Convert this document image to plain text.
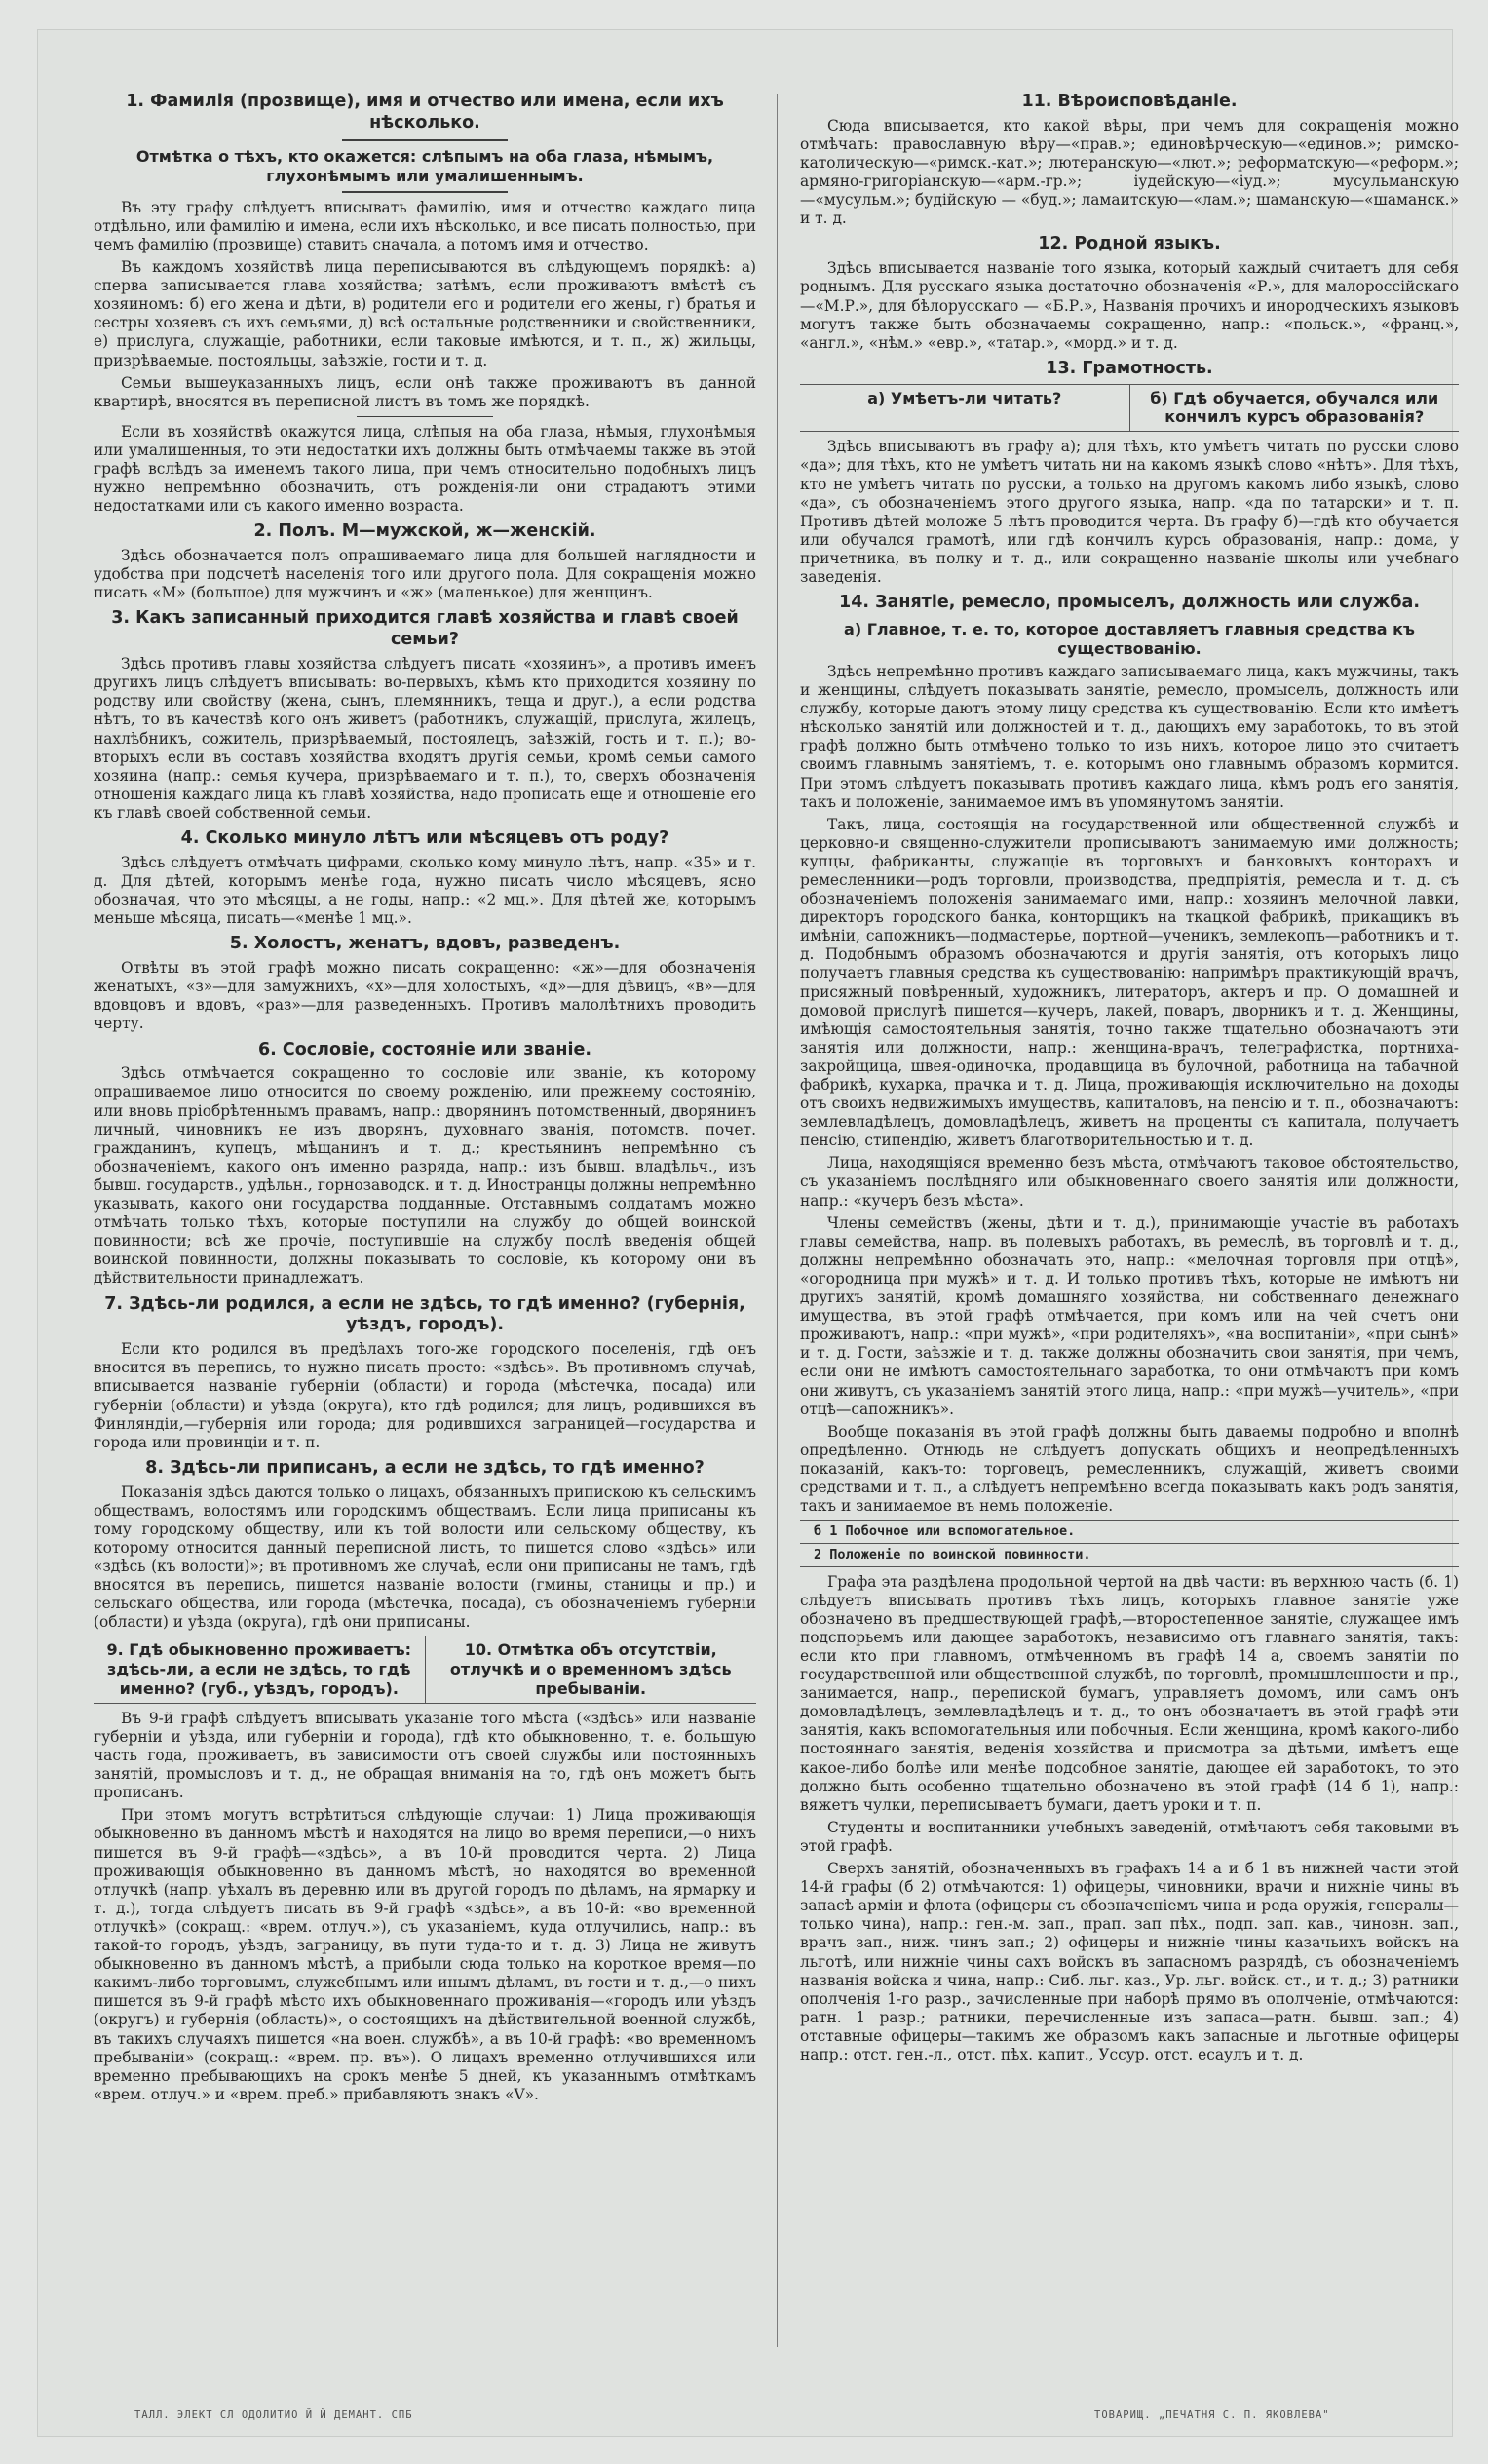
1. Фамилія (прозвище), имя и отчество или имена, если ихъ нѣсколько.
Отмѣтка о тѣхъ, кто окажется: слѣпымъ на оба глаза, нѣмымъ, глухонѣмымъ или умалишеннымъ.

Въ эту графу слѣдуетъ вписывать фамилію, имя и отчество каждаго лица отдѣльно, или фамилію и имена, если ихъ нѣсколько, и все писать полностью, при чемъ фамилію (прозвище) ставить сначала, а потомъ имя и отчество.

Въ каждомъ хозяйствѣ лица переписываются въ слѣдующемъ порядкѣ: а) сперва записывается глава хозяйства; затѣмъ, если проживаютъ вмѣстѣ съ хозяиномъ: б) его жена и дѣти, в) родители его и родители его жены, г) братья и сестры хозяевъ съ ихъ семьями, д) всѣ остальные родственники и свойственники, е) прислуга, служащіе, работники, если таковые имѣются, и т. п., ж) жильцы, призрѣваемые, постояльцы, заѣзжіе, гости и т. д.

Семьи вышеуказанныхъ лицъ, если онѣ также проживаютъ въ данной квартирѣ, вносятся въ переписной листъ въ томъ же порядкѣ.

Если въ хозяйствѣ окажутся лица, слѣпыя на оба глаза, нѣмыя, глухонѣмыя или умалишенныя, то эти недостатки ихъ должны быть отмѣчаемы также въ этой графѣ вслѣдъ за именемъ такого лица, при чемъ относительно подобныхъ лицъ нужно непремѣнно обозначить, отъ рожденія-ли они страдаютъ этими недостатками или съ какого именно возраста.

2. Полъ. М—мужской, ж—женскій.

Здѣсь обозначается полъ опрашиваемаго лица для большей наглядности и удобства при подсчетѣ населенія того или другого пола. Для сокращенія можно писать «М» (большое) для мужчинъ и «ж» (маленькое) для женщинъ.

3. Какъ записанный приходится главѣ хозяйства и главѣ своей семьи?

Здѣсь противъ главы хозяйства слѣдуетъ писать «хозяинъ», а противъ именъ другихъ лицъ слѣдуетъ вписывать: во-первыхъ, кѣмъ кто приходится хозяину по родству или свойству (жена, сынъ, племянникъ, теща и друг.), а если родства нѣтъ, то въ качествѣ кого онъ живетъ (работникъ, служащій, прислуга, жилецъ, нахлѣбникъ, сожитель, призрѣваемый, постоялецъ, заѣзжій, гость и т. п.); во-вторыхъ если въ составъ хозяйства входятъ другія семьи, кромѣ семьи самого хозяина (напр.: семья кучера, призрѣваемаго и т. п.), то, сверхъ обозначенія отношенія каждаго лица къ главѣ хозяйства, надо прописать еще и отношеніе его къ главѣ своей собственной семьи.

4. Сколько минуло лѣтъ или мѣсяцевъ отъ роду?

Здѣсь слѣдуетъ отмѣчать цифрами, сколько кому минуло лѣтъ, напр. «35» и т. д. Для дѣтей, которымъ менѣе года, нужно писать число мѣсяцевъ, ясно обозначая, что это мѣсяцы, а не годы, напр.: «2 мц.». Для дѣтей же, которымъ меньше мѣсяца, писать—«менѣе 1 мц.».

5. Холостъ, женатъ, вдовъ, разведенъ.

Отвѣты въ этой графѣ можно писать сокращенно: «ж»—для обозначенія женатыхъ, «з»—для замужнихъ, «х»—для холостыхъ, «д»—для дѣвицъ, «в»—для вдовцовъ и вдовъ, «раз»—для разведенныхъ. Противъ малолѣтнихъ проводить черту.

6. Сословіе, состояніе или званіе.

Здѣсь отмѣчается сокращенно то сословіе или званіе, къ которому опрашиваемое лицо относится по своему рожденію, или прежнему состоянію, или вновь пріобрѣтеннымъ правамъ, напр.: дворянинъ потомственный, дворянинъ личный, чиновникъ не изъ дворянъ, духовнаго званія, потомств. почет. гражданинъ, купецъ, мѣщанинъ и т. д.; крестьянинъ непремѣнно съ обозначеніемъ, какого онъ именно разряда, напр.: изъ бывш. владѣльч., изъ бывш. государств., удѣльн., горнозаводск. и т. д. Иностранцы должны непремѣнно указывать, какого они государства подданные. Отставнымъ солдатамъ можно отмѣчать только тѣхъ, которые поступили на службу до общей воинской повинности; всѣ же прочіе, поступившіе на службу послѣ введенія общей воинской повинности, должны показывать то сословіе, къ которому они въ дѣйствительности принадлежатъ.

7. Здѣсь-ли родился, а если не здѣсь, то гдѣ именно? (губернія, уѣздъ, городъ).

Если кто родился въ предѣлахъ того-же городского поселенія, гдѣ онъ вносится въ перепись, то нужно писать просто: «здѣсь». Въ противномъ случаѣ, вписывается названіе губерніи (области) и города (мѣстечка, посада) или губерніи (области) и уѣзда (округа), кто гдѣ родился; для лицъ, родившихся въ Финляндіи,—губернія или города; для родившихся заграницей—государства и города или провинціи и т. п.

8. Здѣсь-ли приписанъ, а если не здѣсь, то гдѣ именно?

Показанія здѣсь даются только о лицахъ, обязанныхъ припискою къ сельскимъ обществамъ, волостямъ или городскимъ обществамъ. Если лица приписаны къ тому городскому обществу, или къ той волости или сельскому обществу, къ которому относится данный переписной листъ, то пишется слово «здѣсь» или «здѣсь (къ волости)»; въ противномъ же случаѣ, если они приписаны не тамъ, гдѣ вносятся въ перепись, пишется названіе волости (гмины, станицы и пр.) и сельскаго общества, или города (мѣстечка, посада), съ обозначеніемъ губерніи (области) и уѣзда (округа), гдѣ они приписаны.

9. Гдѣ обыкновенно проживаетъ: здѣсь-ли, а если не здѣсь, то гдѣ именно? (губ., уѣздъ, городъ).
10. Отмѣтка объ отсутствіи, отлучкѣ и о временномъ здѣсь пребываніи.

Въ 9-й графѣ слѣдуетъ вписывать указаніе того мѣста («здѣсь» или названіе губерніи и уѣзда, или губерніи и города), гдѣ кто обыкновенно, т. е. большую часть года, проживаетъ, въ зависимости отъ своей службы или постоянныхъ занятій, промысловъ и т. д., не обращая вниманія на то, гдѣ онъ можетъ быть прописанъ.

При этомъ могутъ встрѣтиться слѣдующіе случаи: 1) Лица проживающія обыкновенно въ данномъ мѣстѣ и находятся на лицо во время переписи,—о нихъ пишется въ 9-й графѣ—«здѣсь», а въ 10-й проводится черта. 2) Лица проживающія обыкновенно въ данномъ мѣстѣ, но находятся во временной отлучкѣ (напр. уѣхалъ въ деревню или въ другой городъ по дѣламъ, на ярмарку и т. д.), тогда слѣдуетъ писать въ 9-й графѣ «здѣсь», а въ 10-й: «во временной отлучкѣ» (сокращ.: «врем. отлуч.»), съ указаніемъ, куда отлучились, напр.: въ такой-то городъ, уѣздъ, заграницу, въ пути туда-то и т. д. 3) Лица не живутъ обыкновенно въ данномъ мѣстѣ, а прибыли сюда только на короткое время—по какимъ-либо торговымъ, служебнымъ или инымъ дѣламъ, въ гости и т. д.,—о нихъ пишется въ 9-й графѣ мѣсто ихъ обыкновеннаго проживанія—«городъ или уѣздъ (округъ) и губернія (область)», о состоящихъ на дѣйствительной военной службѣ, въ такихъ случаяхъ пишется «на воен. службѣ», а въ 10-й графѣ: «во временномъ пребываніи» (сокращ.: «врем. пр. въ»). О лицахъ временно отлучившихся или временно пребывающихъ на срокъ менѣе 5 дней, къ указаннымъ отмѣткамъ «врем. отлуч.» и «врем. преб.» прибавляютъ знакъ «V».

11. Вѣроисповѣданіе.

Сюда вписывается, кто какой вѣры, при чемъ для сокращенія можно отмѣчать: православную вѣру—«прав.»; единовѣрческую—«единов.»; римско-католическую—«римск.-кат.»; лютеранскую—«лют.»; реформатскую—«реформ.»; армяно-григоріанскую—«арм.-гр.»; іудейскую—«іуд.»; мусульманскую—«мусульм.»; будійскую — «буд.»; ламаитскую—«лам.»; шаманскую—«шаманск.» и т. д.

12. Родной языкъ.

Здѣсь вписывается названіе того языка, который каждый считаетъ для себя роднымъ. Для русскаго языка достаточно обозначенія «Р.», для малороссійскаго—«М.Р.», для бѣлорусскаго — «Б.Р.», Названія прочихъ и инородческихъ языковъ могутъ также быть обозначаемы сокращенно, напр.: «польск.», «франц.», «англ.», «нѣм.» «евр.», «татар.», «морд.» и т. д.

13. Грамотность.
а) Умѣетъ-ли читать?	б) Гдѣ обучается, обучался или кончилъ курсъ образованія?

Здѣсь вписываютъ въ графу а); для тѣхъ, кто умѣетъ читать по русски слово «да»; для тѣхъ, кто не умѣетъ читать ни на какомъ языкѣ слово «нѣтъ». Для тѣхъ, кто не умѣетъ читать по русски, а только на другомъ какомъ либо языкѣ, слово «да», съ обозначеніемъ этого другого языка, напр. «да по татарски» и т. п. Противъ дѣтей моложе 5 лѣтъ проводится черта. Въ графу б)—гдѣ кто обучается или обучался грамотѣ, или гдѣ кончилъ курсъ образованія, напр.: дома, у причетника, въ полку и т. д., или сокращенно названіе школы или учебнаго заведенія.

14. Занятіе, ремесло, промыселъ, должность или служба.
а) Главное, т. е. то, которое доставляетъ главныя средства къ существованію.

Здѣсь непремѣнно противъ каждаго записываемаго лица, какъ мужчины, такъ и женщины, слѣдуетъ показывать занятіе, ремесло, промыселъ, должность или службу, которые даютъ этому лицу средства къ существованію. Если кто имѣетъ нѣсколько занятій или должностей и т. д., дающихъ ему заработокъ, то въ этой графѣ должно быть отмѣчено только то изъ нихъ, которое лицо это считаетъ своимъ главнымъ занятіемъ, т. е. которымъ оно главнымъ образомъ кормится. При этомъ слѣдуетъ показывать противъ каждаго лица, кѣмъ родъ его занятія, такъ и положеніе, занимаемое имъ въ упомянутомъ занятіи.

Такъ, лица, состоящія на государственной или общественной службѣ и церковно-и священно-служители прописываютъ занимаемую ими должность; купцы, фабриканты, служащіе въ торговыхъ и банковыхъ конторахъ и ремесленники—родъ торговли, производства, предпріятія, ремесла и т. д. съ обозначеніемъ положенія занимаемаго ими, напр.: хозяинъ мелочной лавки, директоръ городского банка, конторщикъ на ткацкой фабрикѣ, прикащикъ въ имѣніи, сапожникъ—подмастерье, портной—ученикъ, землекопъ—работникъ и т. д. Подобнымъ образомъ обозначаются и другія занятія, отъ которыхъ лицо получаетъ главныя средства къ существованію: напримѣръ практикующій врачъ, присяжный повѣренный, художникъ, литераторъ, актеръ и пр. О домашней и домовой прислугѣ пишется—кучеръ, лакей, поваръ, дворникъ и т. д. Женщины, имѣющія самостоятельныя занятія, точно также тщательно обозначаютъ эти занятія или должности, напр.: женщина-врачъ, телеграфистка, портниха-закройщица, швея-одиночка, продавщица въ булочной, работница на табачной фабрикѣ, кухарка, прачка и т. д. Лица, проживающія исключительно на доходы отъ своихъ недвижимыхъ имуществъ, капиталовъ, на пенсію и т. п., обозначаютъ: землевладѣлецъ, домовладѣлецъ, живетъ на проценты съ капитала, получаетъ пенсію, стипендію, живетъ благотворительностью и т. д.

Лица, находящіяся временно безъ мѣста, отмѣчаютъ таковое обстоятельство, съ указаніемъ послѣдняго или обыкновеннаго своего занятія или должности, напр.: «кучеръ безъ мѣста».

Члены семействъ (жены, дѣти и т. д.), принимающіе участіе въ работахъ главы семейства, напр. въ полевыхъ работахъ, въ ремеслѣ, въ торговлѣ и т. д., должны непремѣнно обозначать это, напр.: «мелочная торговля при отцѣ», «огородница при мужѣ» и т. д. И только противъ тѣхъ, которые не имѣютъ ни другихъ занятій, кромѣ домашняго хозяйства, ни собственнаго денежнаго имущества, въ этой графѣ отмѣчается, при комъ или на чей счетъ они проживаютъ, напр.: «при мужѣ», «при родителяхъ», «на воспитаніи», «при сынѣ» и т. д. Гости, заѣзжіе и т. д. также должны обозначить свои занятія, при чемъ, если они не имѣютъ самостоятельнаго заработка, то они отмѣчаютъ при комъ они живутъ, съ указаніемъ занятій этого лица, напр.: «при мужѣ—учитель», «при отцѣ—сапожникъ».

Вообще показанія въ этой графѣ должны быть даваемы подробно и вполнѣ опредѣленно. Отнюдь не слѣдуетъ допускать общихъ и неопредѣленныхъ показаній, какъ-то: торговецъ, ремесленникъ, служащій, живетъ своими средствами и т. п., а слѣдуетъ непремѣнно всегда показывать какъ родъ занятія, такъ и занимаемое въ немъ положеніе.

б 1 Побочное или вспомогательное.
2 Положеніе по воинской повинности.

Графа эта раздѣлена продольной чертой на двѣ части: въ верхнюю часть (б. 1) слѣдуетъ вписывать противъ тѣхъ лицъ, которыхъ главное занятіе уже обозначено въ предшествующей графѣ,—второстепенное занятіе, служащее имъ подспорьемъ или дающее заработокъ, независимо отъ главнаго занятія, такъ: если кто при главномъ, отмѣченномъ въ графѣ 14 а, своемъ занятіи по государственной или общественной службѣ, по торговлѣ, промышленности и пр., занимается, напр., перепиской бумагъ, управляетъ домомъ, или самъ онъ домовладѣлецъ, землевладѣлецъ и т. д., то онъ обозначаетъ въ этой графѣ эти занятія, какъ вспомогательныя или побочныя. Если женщина, кромѣ какого-либо постояннаго занятія, веденія хозяйства и присмотра за дѣтьми, имѣетъ еще какое-либо болѣе или менѣе подсобное занятіе, дающее ей заработокъ, то это должно быть особенно тщательно обозначено въ этой графѣ (14 б 1), напр.: вяжетъ чулки, переписываетъ бумаги, даетъ уроки и т. п.

Студенты и воспитанники учебныхъ заведеній, отмѣчаютъ себя таковыми въ этой графѣ.

Сверхъ занятій, обозначенныхъ въ графахъ 14 а и б 1 въ нижней части этой 14-й графы (б 2) отмѣчаются: 1) офицеры, чиновники, врачи и нижніе чины въ запасѣ арміи и флота (офицеры съ обозначеніемъ чина и рода оружія, генералы—только чина), напр.: ген.-м. зап., прап. зап пѣх., подп. зап. кав., чиновн. зап., врачъ зап., ниж. чинъ зап.; 2) офицеры и нижніе чины казачьихъ войскъ на льготѣ, или нижніе чины сахъ войскъ въ запасномъ разрядѣ, съ обозначеніемъ названія войска и чина, напр.: Сиб. льг. каз., Ур. льг. войск. ст., и т. д.; 3) ратники ополченія 1-го разр., зачисленные при наборѣ прямо въ ополченіе, отмѣчаются: ратн. 1 разр.; ратники, перечисленные изъ запаса—ратн. бывш. зап.; 4) отставные офицеры—такимъ же образомъ какъ запасные и льготные офицеры напр.: отст. ген.-л., отст. пѣх. капит., Уссур. отст. есаулъ и т. д.

ТАЛЛ. ЭЛЕКТ СЛ ОДОЛИТИО Й Й ДЕМАНТ. СПБ	ТОВАРИЩ. „ПЕЧАТНЯ С. П. ЯКОВЛЕВА"
